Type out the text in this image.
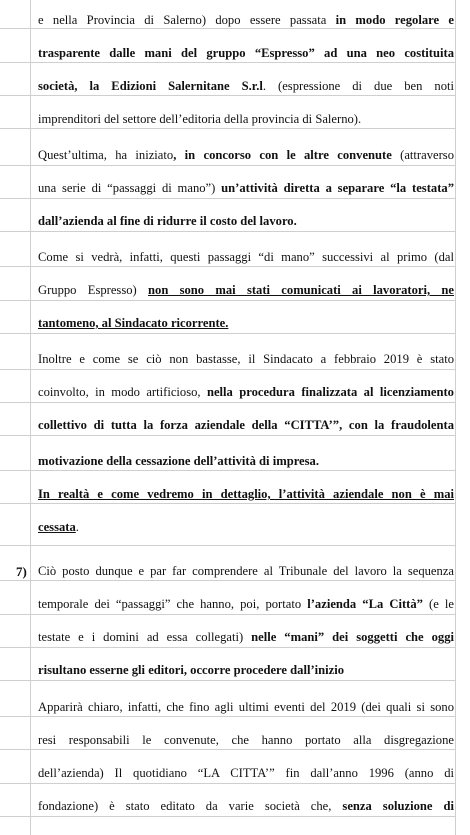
7)
e nella Provincia di Salerno) dopo essere passata in modo regolare e
trasparente dalle mani del gruppo “Espresso” ad una neo costituita
società, la Edizioni Salernitane S.r.l. (espressione di due ben noti
imprenditori del settore dell’editoria della provincia di Salerno).
Quest’ultima, ha iniziato, in concorso con le altre convenute (attraverso
una serie di “passaggi di mano”) un’attività diretta a separare “la testata”
dall’azienda al fine di ridurre il costo del lavoro.
Come si vedrà, infatti, questi passaggi “di mano” successivi al primo (dal
Gruppo Espresso) non sono mai stati comunicati ai lavoratori, ne
tantomeno, al Sindacato ricorrente.
Inoltre e come se ciò non bastasse, il Sindacato a febbraio 2019 è stato
coinvolto, in modo artificioso, nella procedura finalizzata al licenziamento
collettivo di tutta la forza aziendale della “CITTA’”, con la fraudolenta
motivazione della cessazione dell’attività di impresa.
In realtà e come vedremo in dettaglio, l’attività aziendale non è mai
cessata.
Ciò posto dunque e par far comprendere al Tribunale del lavoro la sequenza
temporale dei “passaggi” che hanno, poi, portato l’azienda “La Città” (e le
testate e i domini ad essa collegati) nelle “mani” dei soggetti che oggi
risultano esserne gli editori, occorre procedere dall’inizio
Apparirà chiaro, infatti, che fino agli ultimi eventi del 2019 (dei quali si sono
resi responsabili le convenute, che hanno portato alla disgregazione
dell’azienda) Il quotidiano “LA CITTA’” fin dall’anno 1996 (anno di
fondazione) è stato editato da varie società che, senza soluzione di
